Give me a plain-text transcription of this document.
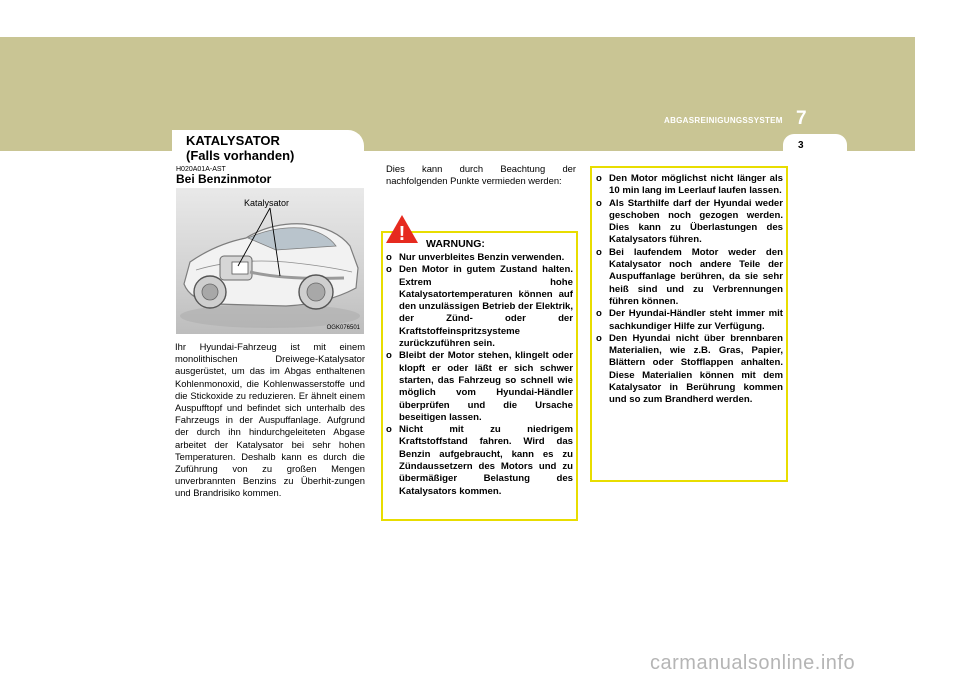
7
ABGASREINIGUNGSSYSTEM
3
KATALYSATOR
(Falls vorhanden)
H020A01A-AST
Bei Benzinmotor
Katalysator
OGK076501

Ihr Hyundai-Fahrzeug ist mit einem monolithischen Dreiwege-Katalysator ausgerüstet, um das im Abgas enthaltenen Kohlenmonoxid, die Kohlenwasserstoffe und die Stickoxide zu reduzieren. Er ähnelt einem Auspufftopf und befindet sich unterhalb des Fahrzeugs in der Auspuffanlage. Aufgrund der durch ihn hindurchgeleiteten Abgase arbeitet der Katalysator bei sehr hohen Temperaturen. Deshalb kann es durch die Zuführung von zu großen Mengen unverbrannten Benzins zu Überhit-zungen und Brandrisiko kommen.

Dies kann durch Beachtung der nachfolgenden Punkte vermieden werden:

! WARNUNG:
o Nur unverbleites Benzin verwenden.
o Den Motor in gutem Zustand halten. Extrem hohe Katalysatortemperaturen können auf den unzulässigen Betrieb der Elektrik, der Zünd- oder der Kraftstoffeinspritzsysteme zurückzuführen sein.
o Bleibt der Motor stehen, klingelt oder klopft er oder läßt er sich schwer starten, das Fahrzeug so schnell wie möglich vom Hyundai-Händler überprüfen und die Ursache beseitigen lassen.
o Nicht mit zu niedrigem Kraftstoffstand fahren. Wird das Benzin aufgebraucht, kann es zu Zündaussetzern des Motors und zu übermäßiger Belastung des Katalysators kommen.
o Den Motor möglichst nicht länger als 10 min lang im Leerlauf laufen lassen.
o Als Starthilfe darf der Hyundai weder geschoben noch gezogen werden. Dies kann zu Überlastungen des Katalysators führen.
o Bei laufendem Motor weder den Katalysator noch andere Teile der Auspuffanlage berühren, da sie sehr heiß sind und zu Verbrennungen führen können.
o Der Hyundai-Händler steht immer mit sachkundiger Hilfe zur Verfügung.
o Den Hyundai nicht über brennbaren Materialien, wie z.B. Gras, Papier, Blättern oder Stofflappen anhalten. Diese Materialien können mit dem Katalysator in Berührung kommen und so zum Brandherd werden.
carmanualsonline.info
